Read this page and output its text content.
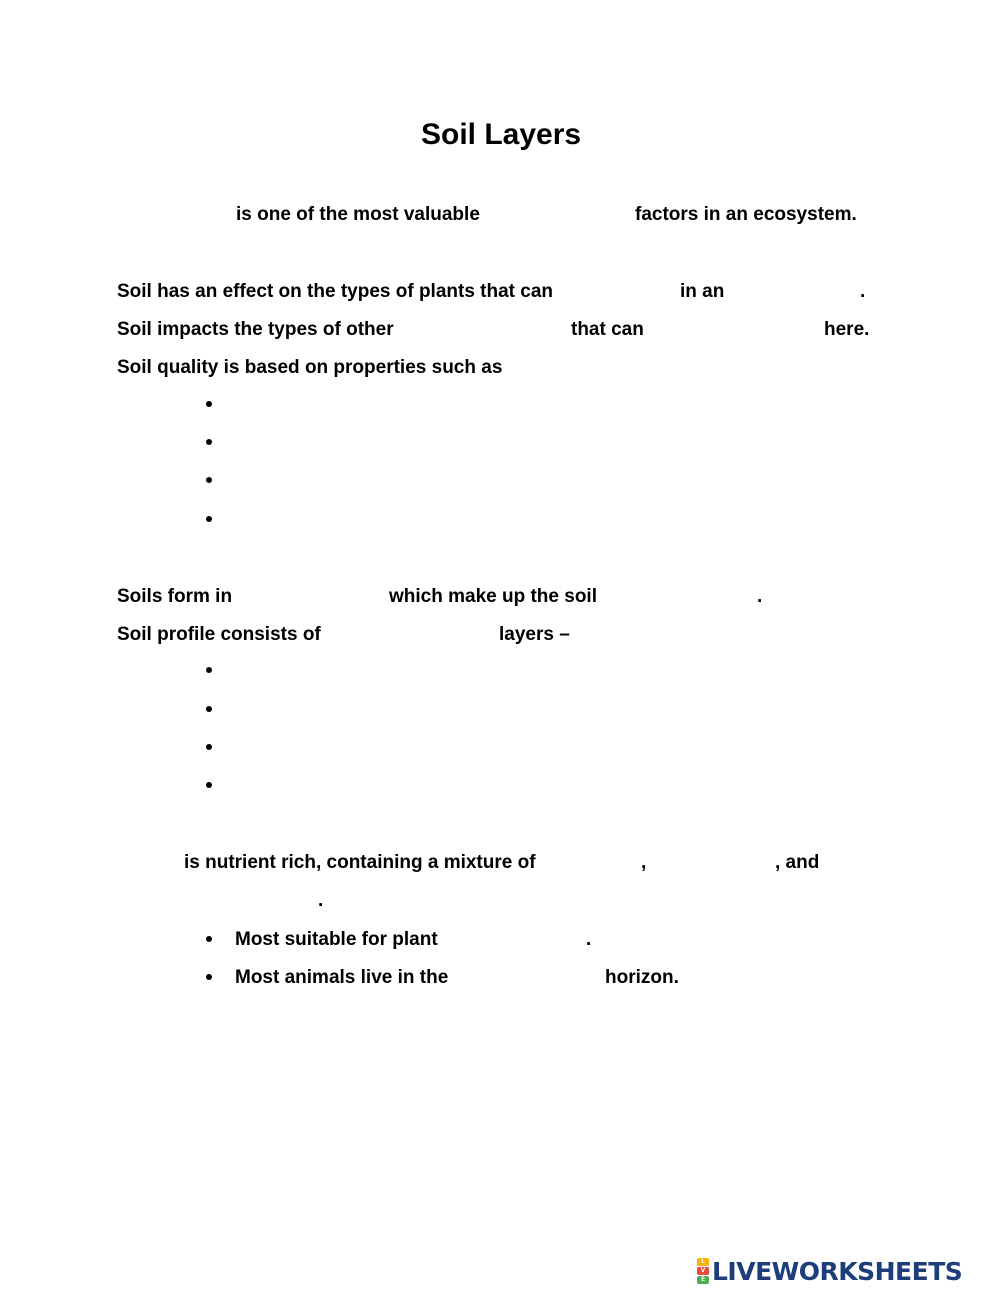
Soil Layers
is one of the most valuable	factors in an ecosystem.
Soil has an effect on the types of plants that can	in an	.
Soil impacts the types of other	that can	here.
Soil quality is based on properties such as
Soils form in	which make up the soil	.
Soil profile consists of	layers –
is nutrient rich, containing a mixture of	,	, and
.
Most suitable for plant	.
Most animals live in the	horizon.
L
V
E LIVEWORKSHEETS
